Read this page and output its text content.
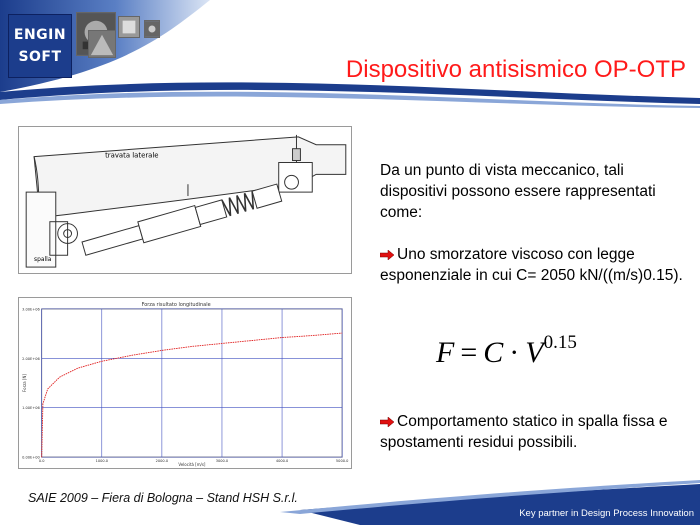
ENGIN
SOFT	Dispositivo antisismico OP-OTP
travata laterale
spalla
Forza risultato longitudinale
3.00E+06
2.00E+06
1.00E+06
0.00E+00
0.0	1000.0	2000.0	3000.0	4000.0	5000.0
Forza [N]
Velocità [m/s]
Da un punto di vista meccanico, tali dispositivi possono essere rappresentati come:
Uno smorzatore viscoso con legge esponenziale in cui C= 2050 kN/((m/s)0.15).
Comportamento statico in spalla fissa e spostamenti residui possibili.
$F = C \cdot V^{0.15}$
SAIE 2009 – Fiera di Bologna – Stand HSH S.r.l.
Key partner in Design Process Innovation
